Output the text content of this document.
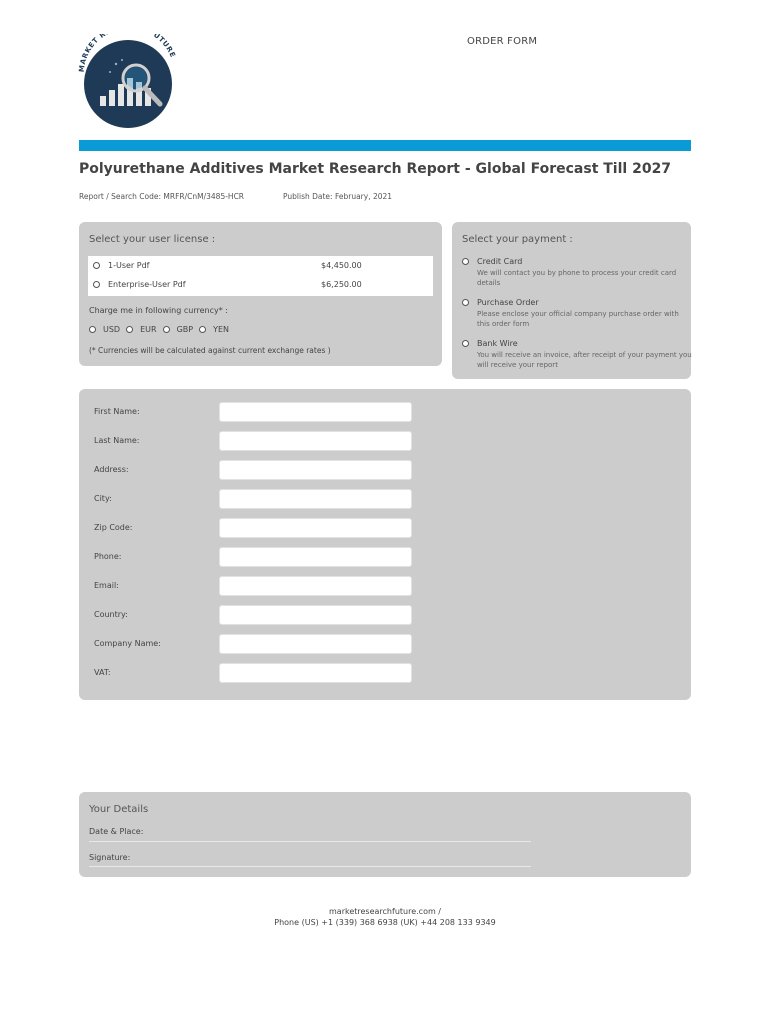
MARKET R UTURE
ORDER FORM
Polyurethane Additives Market Research Report - Global Forecast Till 2027
Report / Search Code: MRFR/CnM/3485-HCR	Publish Date: February, 2021
Select your user license :
1-User Pdf	$4,450.00
Enterprise-User Pdf	$6,250.00
Charge me in following currency* :
USD	EUR	GBP	YEN
(* Currencies will be calculated against current exchange rates )
Select your payment :
Credit Card
We will contact you by phone to process your credit card details
Purchase Order
Please enclose your official company purchase order with this order form
Bank Wire
You will receive an invoice, after receipt of your payment you will receive your report
First Name:
Last Name:
Address:
City:
Zip Code:
Phone:
Email:
Country:
Company Name:
VAT:
Your Details
Date & Place:
Signature:
marketresearchfuture.com /
Phone (US) +1 (339) 368 6938 (UK) +44 208 133 9349
